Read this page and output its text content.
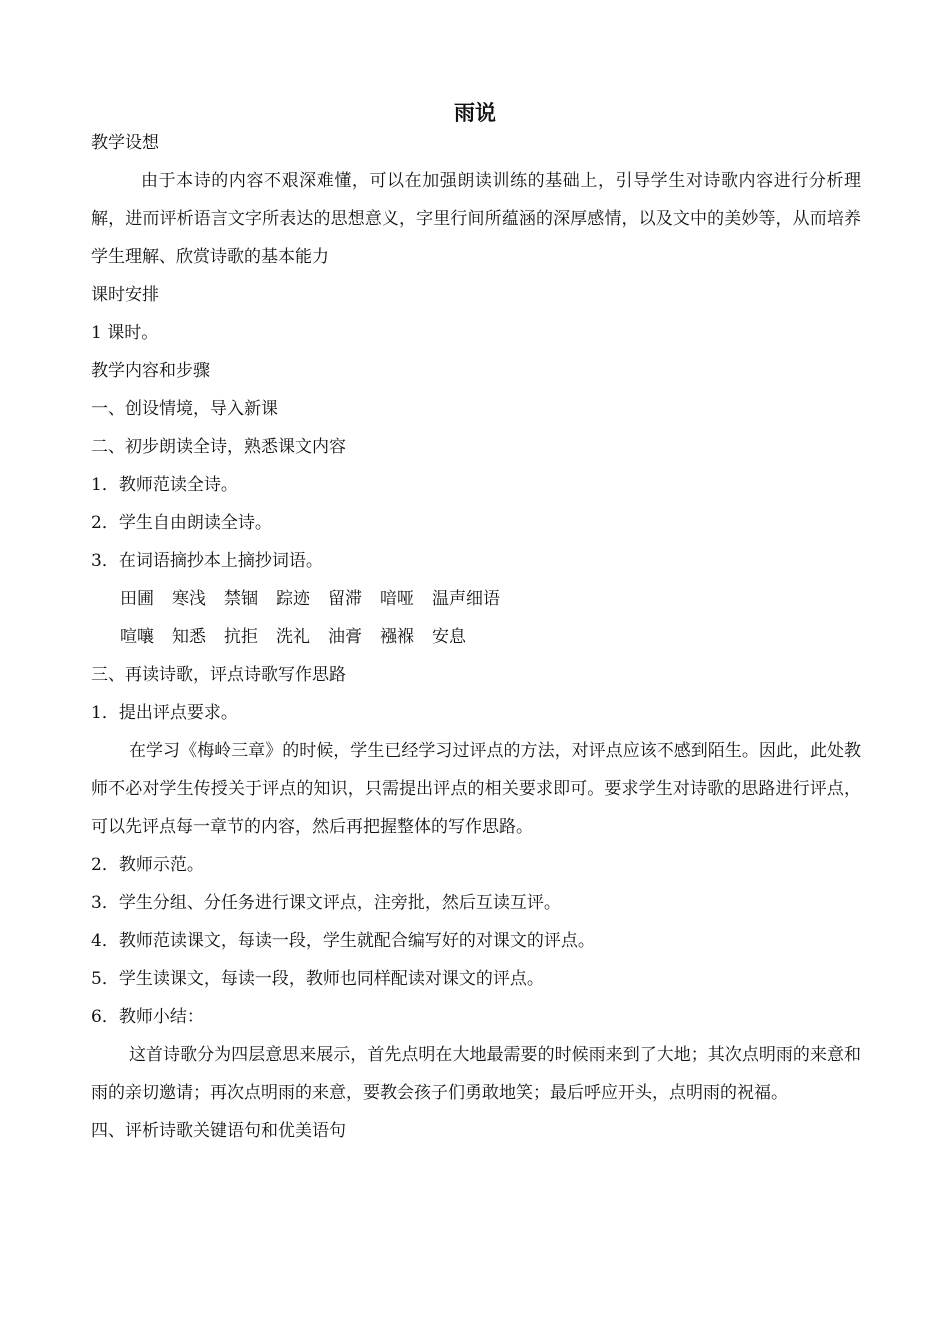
雨说

教学设想

由于本诗的内容不艰深难懂，可以在加强朗读训练的基础上，引导学生对诗歌内容进行分析理解，进而评析语言文字所表达的思想意义，字里行间所蕴涵的深厚感情，以及文中的美妙等，从而培养学生理解、欣赏诗歌的基本能力

课时安排

1 课时。

教学内容和步骤

一、创设情境，导入新课

二、初步朗读全诗，熟悉课文内容

1．教师范读全诗。

2．学生自由朗读全诗。

3．在词语摘抄本上摘抄词语。

田圃 寒浅 禁锢 踪迹 留滞 喑哑 温声细语

喧嚷 知悉 抗拒 洗礼 油膏 襁褓 安息

三、再读诗歌，评点诗歌写作思路

1．提出评点要求。

在学习《梅岭三章》的时候，学生已经学习过评点的方法，对评点应该不感到陌生。因此，此处教师不必对学生传授关于评点的知识，只需提出评点的相关要求即可。要求学生对诗歌的思路进行评点，可以先评点每一章节的内容，然后再把握整体的写作思路。

2．教师示范。

3．学生分组、分任务进行课文评点，注旁批，然后互读互评。

4．教师范读课文，每读一段，学生就配合编写好的对课文的评点。

5．学生读课文，每读一段，教师也同样配读对课文的评点。

6．教师小结：

这首诗歌分为四层意思来展示，首先点明在大地最需要的时候雨来到了大地；其次点明雨的来意和雨的亲切邀请；再次点明雨的来意，要教会孩子们勇敢地笑；最后呼应开头，点明雨的祝福。

四、评析诗歌关键语句和优美语句
